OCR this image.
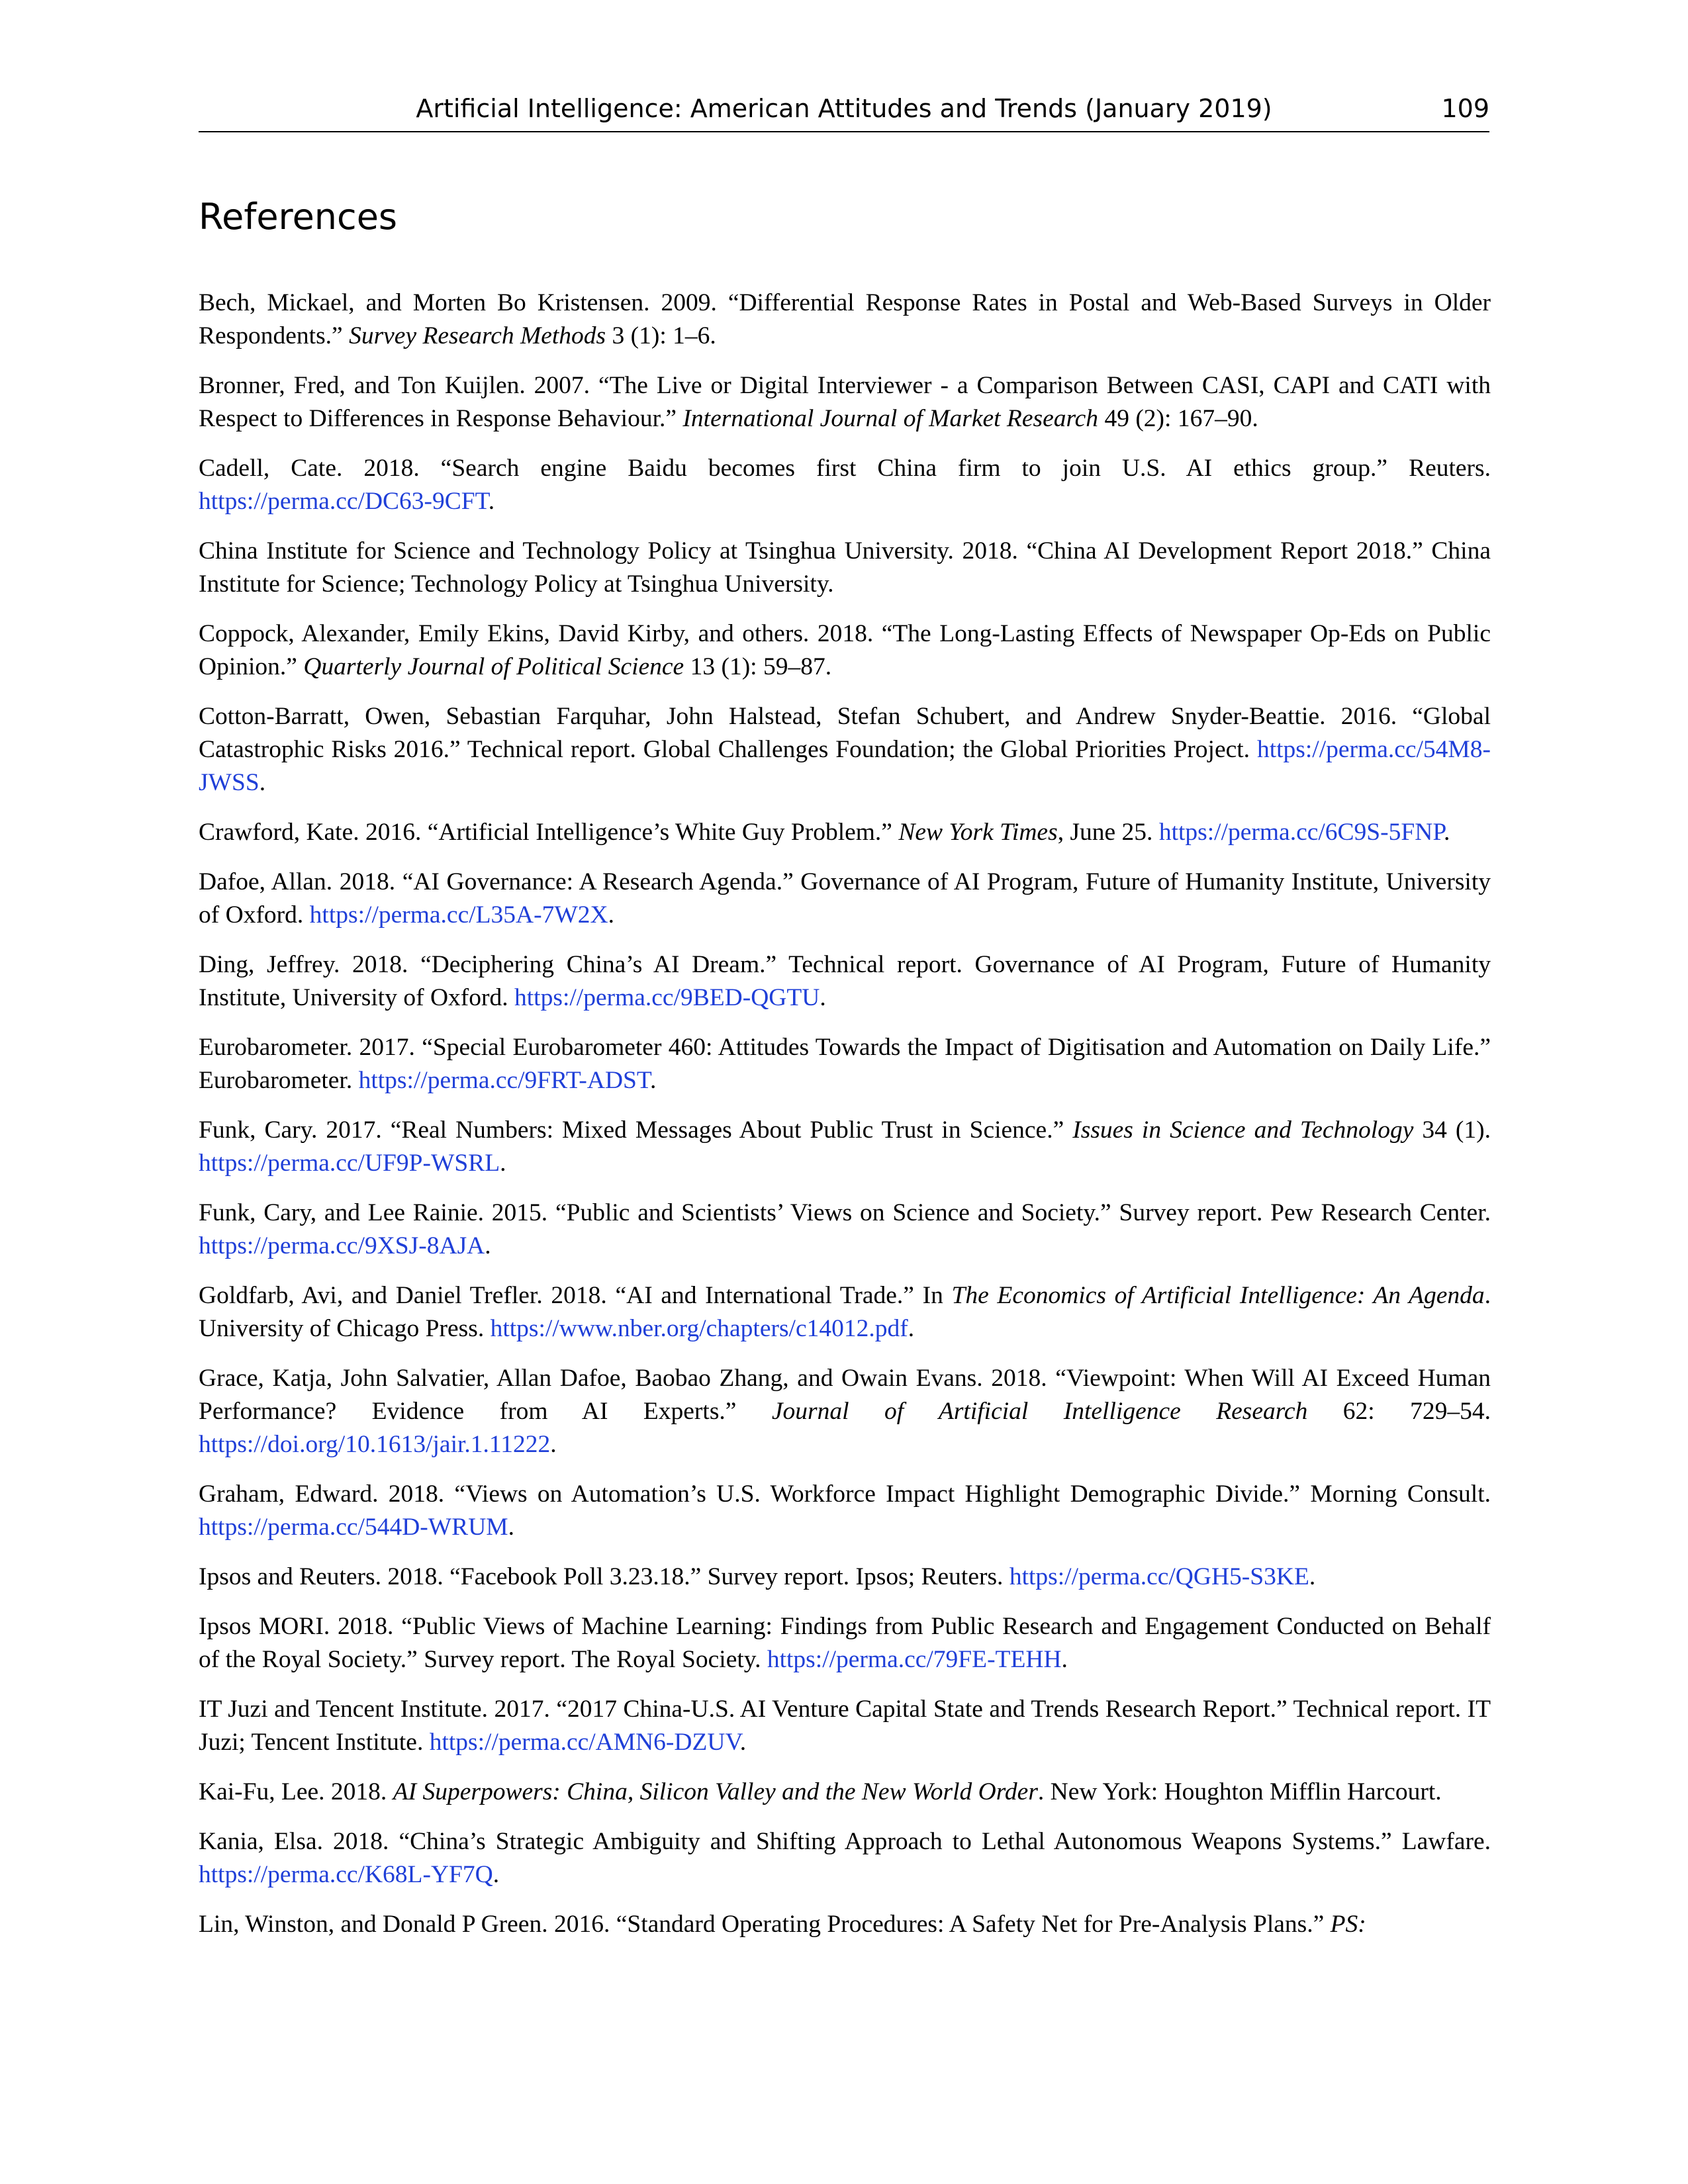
Artificial Intelligence: American Attitudes and Trends (January 2019)	109
References

Bech, Mickael, and Morten Bo Kristensen. 2009. “Differential Response Rates in Postal and Web-Based Surveys in Older Respondents.” Survey Research Methods 3 (1): 1–6.

Bronner, Fred, and Ton Kuijlen. 2007. “The Live or Digital Interviewer - a Comparison Between CASI, CAPI and CATI with Respect to Differences in Response Behaviour.” International Journal of Market Research 49 (2): 167–90.

Cadell, Cate. 2018. “Search engine Baidu becomes first China firm to join U.S. AI ethics group.” Reuters. https://perma.cc/DC63-9CFT.

China Institute for Science and Technology Policy at Tsinghua University. 2018. “China AI Development Report 2018.” China Institute for Science; Technology Policy at Tsinghua University.

Coppock, Alexander, Emily Ekins, David Kirby, and others. 2018. “The Long-Lasting Effects of Newspaper Op-Eds on Public Opinion.” Quarterly Journal of Political Science 13 (1): 59–87.

Cotton-Barratt, Owen, Sebastian Farquhar, John Halstead, Stefan Schubert, and Andrew Snyder-Beattie. 2016. “Global Catastrophic Risks 2016.” Technical report. Global Challenges Foundation; the Global Priorities Project. https://perma.cc/54M8-JWSS.

Crawford, Kate. 2016. “Artificial Intelligence’s White Guy Problem.” New York Times, June 25. https://perma.cc/6C9S-5FNP.

Dafoe, Allan. 2018. “AI Governance: A Research Agenda.” Governance of AI Program, Future of Humanity Institute, University of Oxford. https://perma.cc/L35A-7W2X.

Ding, Jeffrey. 2018. “Deciphering China’s AI Dream.” Technical report. Governance of AI Program, Future of Humanity Institute, University of Oxford. https://perma.cc/9BED-QGTU.

Eurobarometer. 2017. “Special Eurobarometer 460: Attitudes Towards the Impact of Digitisation and Automation on Daily Life.” Eurobarometer. https://perma.cc/9FRT-ADST.

Funk, Cary. 2017. “Real Numbers: Mixed Messages About Public Trust in Science.” Issues in Science and Technology 34 (1). https://perma.cc/UF9P-WSRL.

Funk, Cary, and Lee Rainie. 2015. “Public and Scientists’ Views on Science and Society.” Survey report. Pew Research Center. https://perma.cc/9XSJ-8AJA.

Goldfarb, Avi, and Daniel Trefler. 2018. “AI and International Trade.” In The Economics of Artificial Intelligence: An Agenda. University of Chicago Press. https://www.nber.org/chapters/c14012.pdf.

Grace, Katja, John Salvatier, Allan Dafoe, Baobao Zhang, and Owain Evans. 2018. “Viewpoint: When Will AI Exceed Human Performance? Evidence from AI Experts.” Journal of Artificial Intelligence Research 62: 729–54. https://doi.org/10.1613/jair.1.11222.

Graham, Edward. 2018. “Views on Automation’s U.S. Workforce Impact Highlight Demographic Divide.” Morning Consult. https://perma.cc/544D-WRUM.

Ipsos and Reuters. 2018. “Facebook Poll 3.23.18.” Survey report. Ipsos; Reuters. https://perma.cc/QGH5-S3KE.

Ipsos MORI. 2018. “Public Views of Machine Learning: Findings from Public Research and Engagement Conducted on Behalf of the Royal Society.” Survey report. The Royal Society. https://perma.cc/79FE-TEHH.

IT Juzi and Tencent Institute. 2017. “2017 China-U.S. AI Venture Capital State and Trends Research Report.” Technical report. IT Juzi; Tencent Institute. https://perma.cc/AMN6-DZUV.

Kai-Fu, Lee. 2018. AI Superpowers: China, Silicon Valley and the New World Order. New York: Houghton Mifflin Harcourt.

Kania, Elsa. 2018. “China’s Strategic Ambiguity and Shifting Approach to Lethal Autonomous Weapons Systems.” Lawfare. https://perma.cc/K68L-YF7Q.

Lin, Winston, and Donald P Green. 2016. “Standard Operating Procedures: A Safety Net for Pre-Analysis Plans.” PS:
